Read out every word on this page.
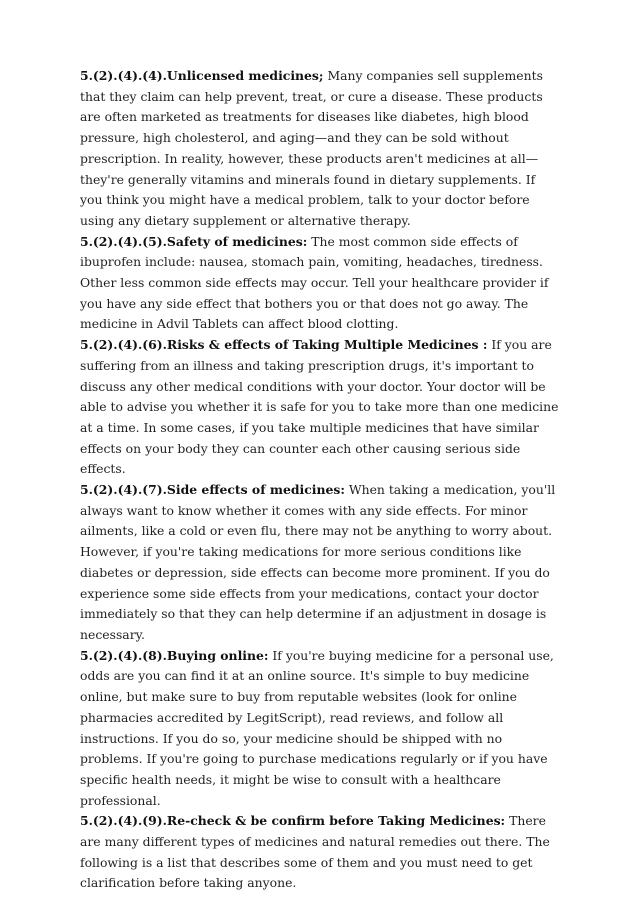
5.(2).(4).(4).Unlicensed medicines; Many companies sell supplements that they claim can help prevent, treat, or cure a disease. These products are often marketed as treatments for diseases like diabetes, high blood pressure, high cholesterol, and aging—and they can be sold without prescription. In reality, however, these products aren't medicines at all—they're generally vitamins and minerals found in dietary supplements. If you think you might have a medical problem, talk to your doctor before using any dietary supplement or alternative therapy.

5.(2).(4).(5).Safety of medicines: The most common side effects of ibuprofen include: nausea, stomach pain, vomiting, headaches, tiredness. Other less common side effects may occur. Tell your healthcare provider if you have any side effect that bothers you or that does not go away. The medicine in Advil Tablets can affect blood clotting.

5.(2).(4).(6).Risks & effects of Taking Multiple Medicines : If you are suffering from an illness and taking prescription drugs, it's important to discuss any other medical conditions with your doctor. Your doctor will be able to advise you whether it is safe for you to take more than one medicine at a time. In some cases, if you take multiple medicines that have similar effects on your body they can counter each other causing serious side effects.

5.(2).(4).(7).Side effects of medicines: When taking a medication, you'll always want to know whether it comes with any side effects. For minor ailments, like a cold or even flu, there may not be anything to worry about. However, if you're taking medications for more serious conditions like diabetes or depression, side effects can become more prominent. If you do experience some side effects from your medications, contact your doctor immediately so that they can help determine if an adjustment in dosage is necessary.

5.(2).(4).(8).Buying online: If you're buying medicine for a personal use, odds are you can find it at an online source. It's simple to buy medicine online, but make sure to buy from reputable websites (look for online pharmacies accredited by LegitScript), read reviews, and follow all instructions. If you do so, your medicine should be shipped with no problems. If you're going to purchase medications regularly or if you have specific health needs, it might be wise to consult with a healthcare professional.

5.(2).(4).(9).Re-check & be confirm before Taking Medicines: There are many different types of medicines and natural remedies out there. The following is a list that describes some of them and you must need to get clarification before taking anyone.
